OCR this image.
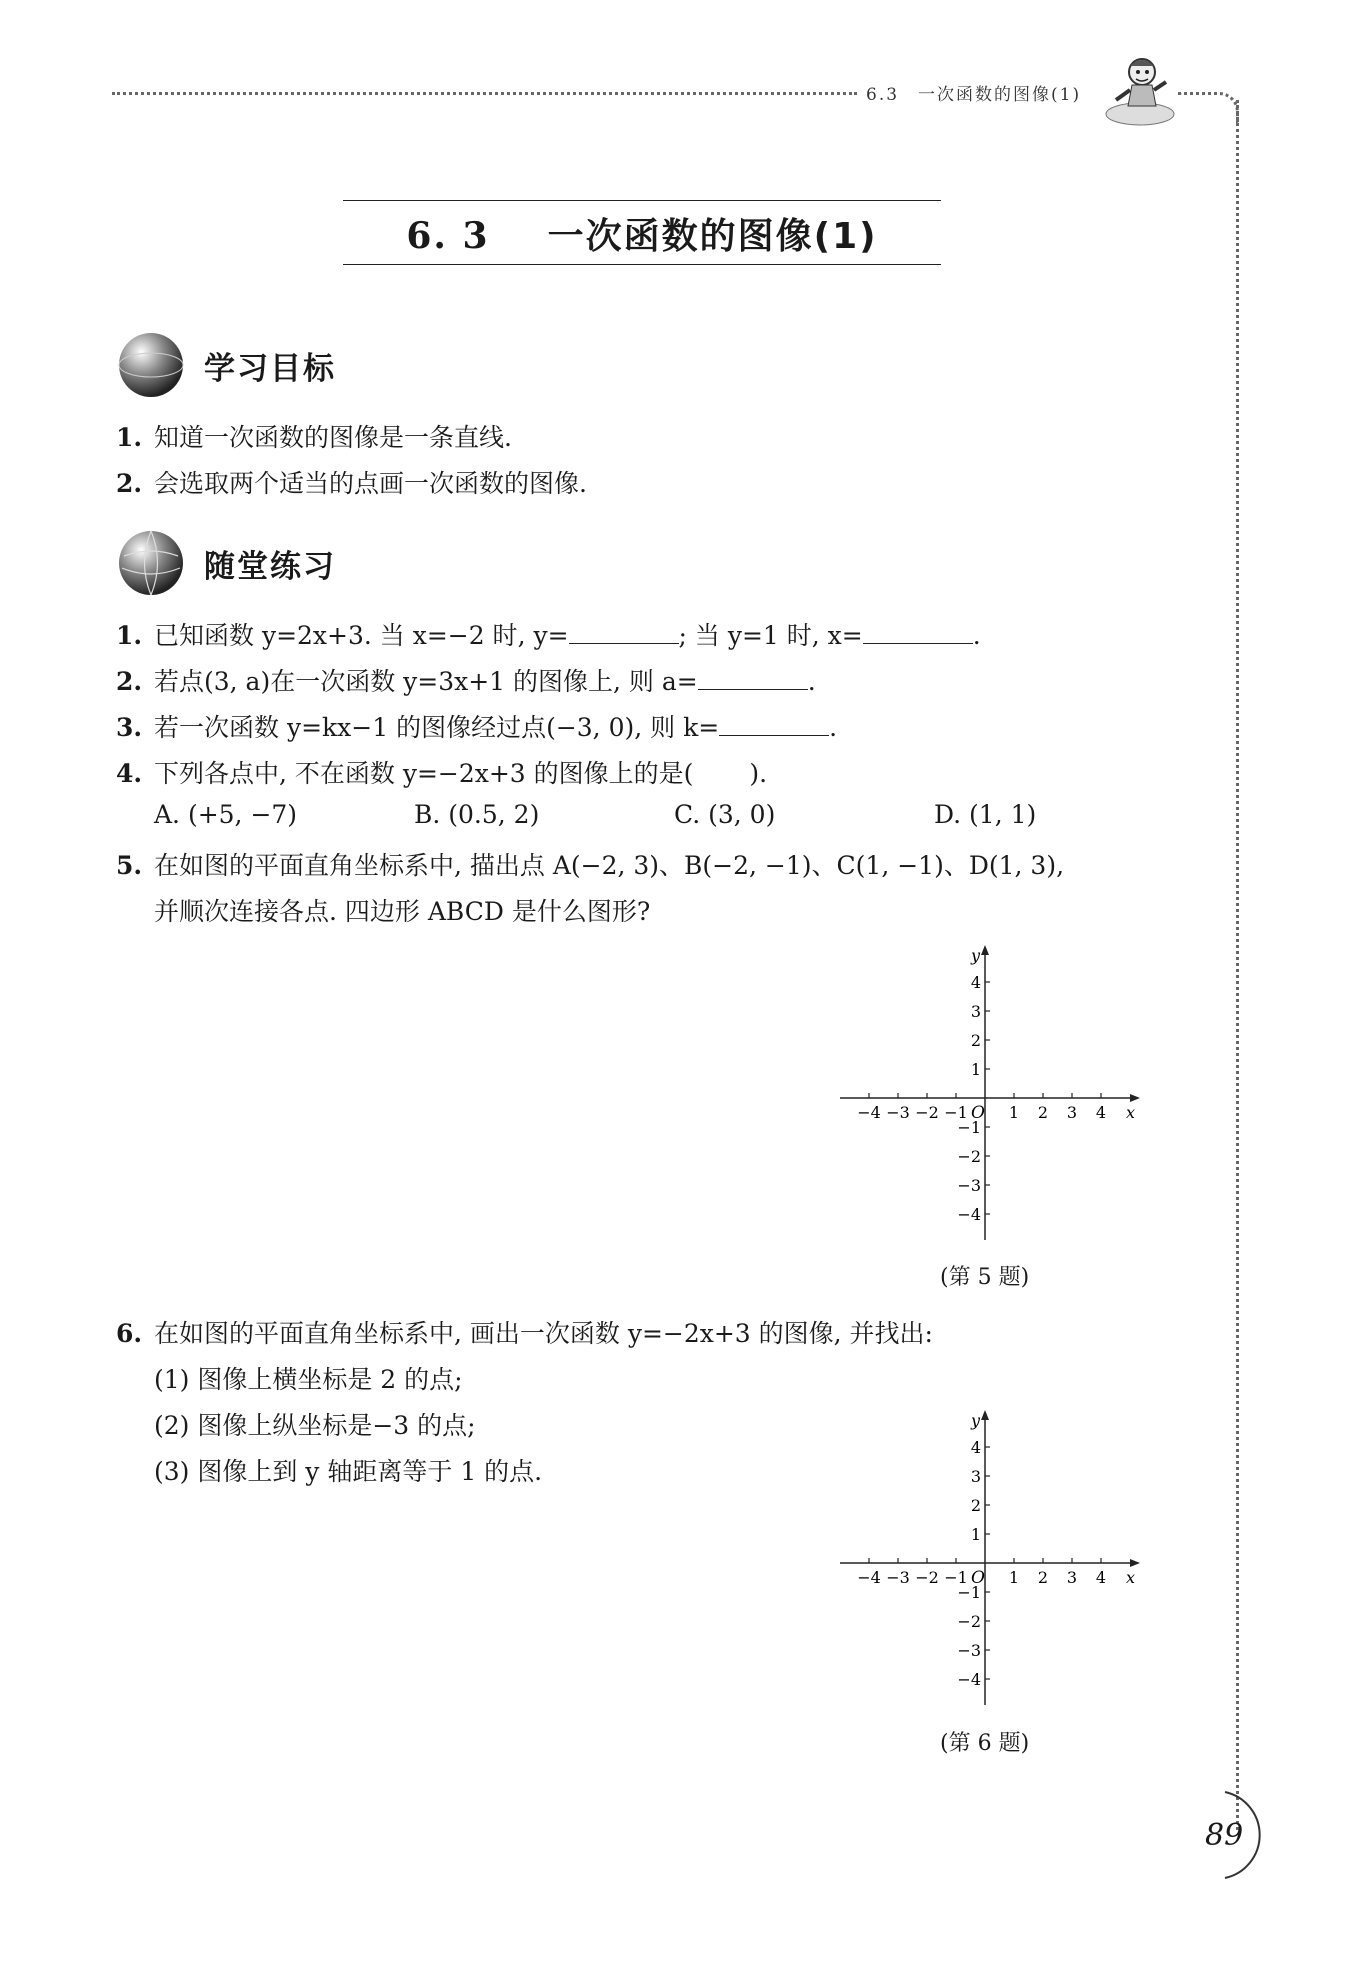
6.3　一次函数的图像(1)
6. 3 一次函数的图像(1)
学习目标
1. 知道一次函数的图像是一条直线.
2. 会选取两个适当的点画一次函数的图像.
随堂练习
1. 已知函数 y=2x+3. 当 x=−2 时, y=	; 当 y=1 时, x=	.
2. 若点(3, a)在一次函数 y=3x+1 的图像上, 则 a=	.
3. 若一次函数 y=kx−1 的图像经过点(−3, 0), 则 k=	.
4. 下列各点中, 不在函数 y=−2x+3 的图像上的是( ).
A. (+5, −7)	B. (0.5, 2)	C. (3, 0)	D. (1, 1)
5. 在如图的平面直角坐标系中, 描出点 A(−2, 3)、B(−2, −1)、C(1, −1)、D(1, 3),
并顺次连接各点. 四边形 ABCD 是什么图形?
x
y
O
−4 −3 −2 −1	1 2 3 4
4
3
2
1
−1
−2
−3
−4
(第 5 题)
6. 在如图的平面直角坐标系中, 画出一次函数 y=−2x+3 的图像, 并找出:
(1) 图像上横坐标是 2 的点;
(2) 图像上纵坐标是−3 的点;
(3) 图像上到 y 轴距离等于 1 的点.
x
y
O
−4 −3 −2 −1	1 2 3 4
4
3
2
1
−1
−2
−3
−4
(第 6 题)
89
